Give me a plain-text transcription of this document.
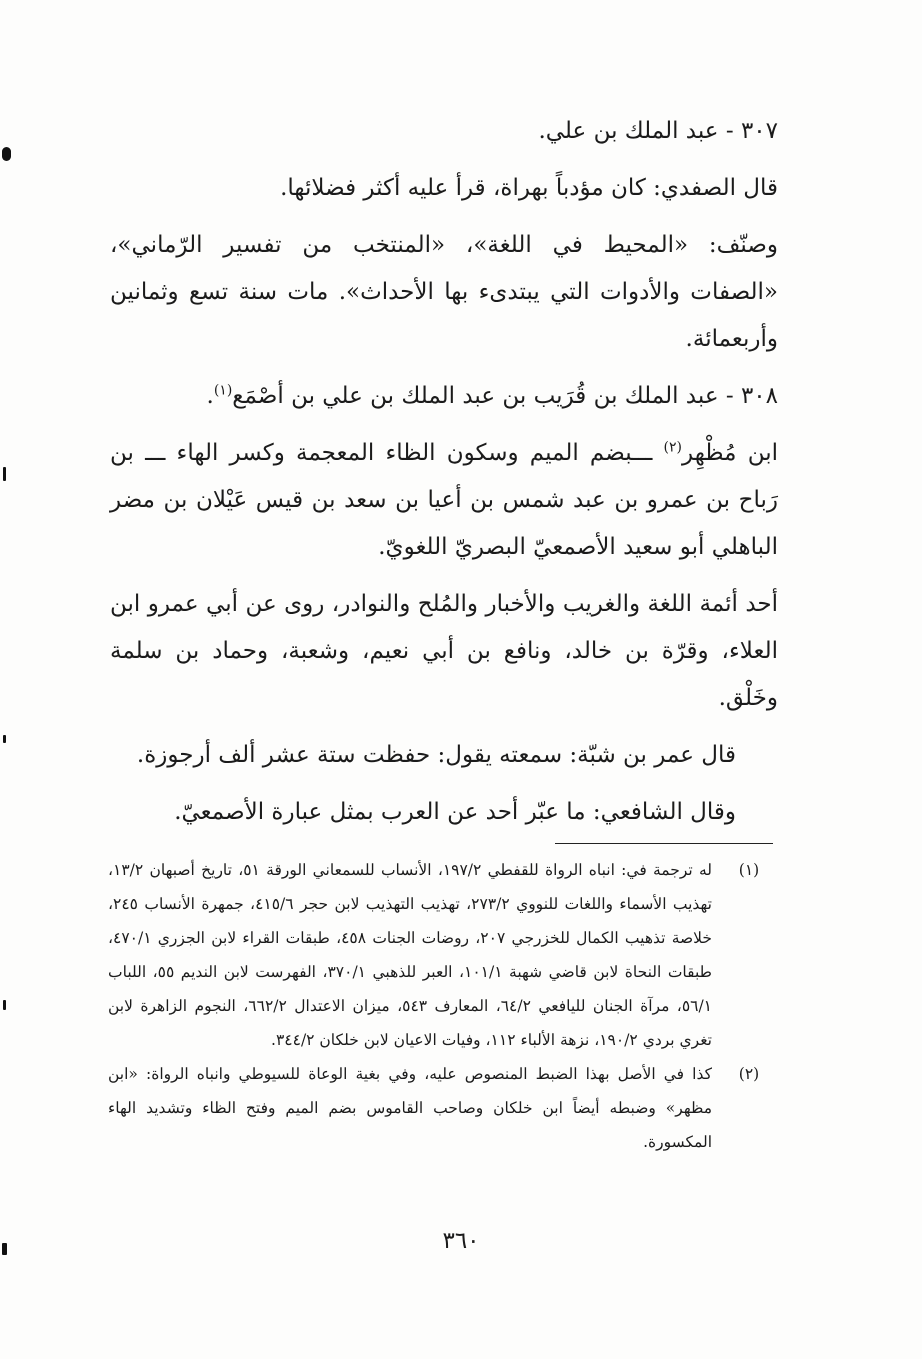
٣٠٧ - عبد الملك بن علي.

قال الصفدي: كان مؤدباً بهراة، قرأ عليه أكثر فضلائها.

وصنّف: «المحيط في اللغة»، «المنتخب من تفسير الرّماني»، «الصفات والأدوات التي يبتدىء بها الأحداث». مات سنة تسع وثمانين وأربعمائة.

٣٠٨ - عبد الملك بن قُرَيب بن عبد الملك بن علي بن أصْمَع$^{(١)}$.

ابن مُظْهِر$^{(٢)}$ ـــبضم الميم وسكون الظاء المعجمة وكسر الهاء ـــ بن رَباح بن عمرو بن عبد شمس بن أعيا بن سعد بن قيس عَيْلان بن مضر الباهلي أبو سعيد الأصمعيّ البصريّ اللغويّ.

أحد أئمة اللغة والغريب والأخبار والمُلح والنوادر، روى عن أبي عمرو ابن العلاء، وقرّة بن خالد، ونافع بن أبي نعيم، وشعبة، وحماد بن سلمة وخَلْق.

قال عمر بن شبّة: سمعته يقول: حفظت ستة عشر ألف أرجوزة.

وقال الشافعي: ما عبّر أحد عن العرب بمثل عبارة الأصمعيّ.

(١)
له ترجمة في: انباه الرواة للقفطي ١٩٧/٢، الأنساب للسمعاني الورقة ٥١، تاريخ أصبهان ١٣/٢، تهذيب الأسماء واللغات للنووي ٢٧٣/٢، تهذيب التهذيب لابن حجر ٤١٥/٦، جمهرة الأنساب ٢٤٥، خلاصة تذهيب الكمال للخزرجي ٢٠٧، روضات الجنات ٤٥٨، طبقات القراء لابن الجزري ٤٧٠/١، طبقات النحاة لابن قاضي شهبة ١٠١/١، العبر للذهبي ٣٧٠/١، الفهرست لابن النديم ٥٥، اللباب ٥٦/١، مرآة الجنان لليافعي ٦٤/٢، المعارف ٥٤٣، ميزان الاعتدال ٦٦٢/٢، النجوم الزاهرة لابن تغري بردي ١٩٠/٢، نزهة الألباء ١١٢، وفيات الاعيان لابن خلكان ٣٤٤/٢.
(٢)
كذا في الأصل بهذا الضبط المنصوص عليه، وفي بغية الوعاة للسيوطي وانباه الرواة: «ابن مظهر» وضبطه أيضاً ابن خلكان وصاحب القاموس بضم الميم وفتح الظاء وتشديد الهاء المكسورة.
٣٦٠
